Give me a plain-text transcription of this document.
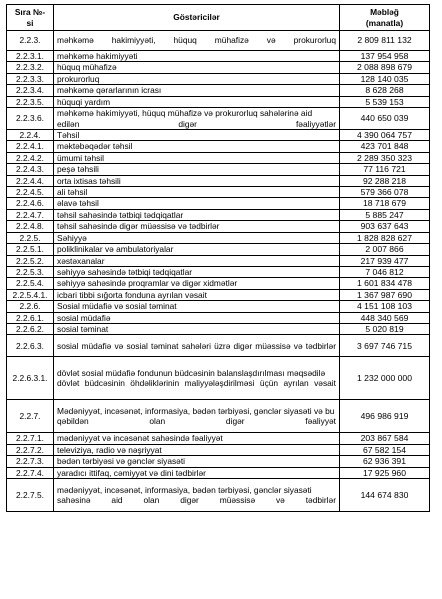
Sıra №-si	Göstəricilər	Məbləğ (manatla)
2.2.3.	məhkəmə hakimiyyəti, hüquq mühafizə və prokurorluq	2 809 811 132
2.2.3.1.	məhkəmə hakimiyyəti	137 954 958
2.2.3.2.	hüquq mühafizə	2 088 898 679
2.2.3.3.	prokurorluq	128 140 035
2.2.3.4.	məhkəmə qərarlarının icrası	8 628 268
2.2.3.5.	hüquqi yardım	5 539 153
2.2.3.6.	məhkəmə hakimiyyəti, hüquq mühafizə və prokurorluq sahələrinə aid edilən digər fəaliyyətlər	440 650 039
2.2.4.	Təhsil	4 390 064 757
2.2.4.1.	məktəbəqədər təhsil	423 701 848
2.2.4.2.	ümumi təhsil	2 289 350 323
2.2.4.3.	peşə təhsili	77 116 721
2.2.4.4.	orta ixtisas təhsili	92 288 218
2.2.4.5.	ali təhsil	579 366 078
2.2.4.6.	əlavə təhsil	18 718 679
2.2.4.7.	təhsil sahəsində tətbiqi tədqiqatlar	5 885 247
2.2.4.8.	təhsil sahəsində digər müəssisə və tədbirlər	903 637 643
2.2.5.	Səhiyyə	1 828 828 627
2.2.5.1.	poliklinikalar və ambulatoriyalar	2 007 866
2.2.5.2.	xəstəxanalar	217 939 477
2.2.5.3.	səhiyyə sahəsində tətbiqi tədqiqatlar	7 046 812
2.2.5.4.	səhiyyə sahəsində proqramlar və digər xidmətlər	1 601 834 478
2.2.5.4.1.	icbari tibbi sığorta fonduna ayrılan vəsait	1 367 987 690
2.2.6.	Sosial müdafiə və sosial təminat	4 151 108 103
2.2.6.1.	sosial müdafiə	448 340 569
2.2.6.2.	sosial təminat	5 020 819
2.2.6.3.	sosial müdafiə və sosial təminat sahələri üzrə digər müəssisə və tədbirlər	3 697 746 715
2.2.6.3.1.	dövlət sosial müdafiə fondunun büdcəsinin balanslaşdırılması məqsədilə dövlət büdcəsinin öhdəliklərinin maliyyələşdirilməsi üçün ayrılan vəsait	1 232 000 000
2.2.7.	Mədəniyyət, incəsənət, informasiya, bədən tərbiyəsi, gənclər siyasəti və bu qəbildən olan digər fəaliyyət	496 986 919
2.2.7.1.	mədəniyyət və incəsənət sahəsində fəaliyyət	203 867 584
2.2.7.2.	televiziya, radio və nəşriyyat	67 582 154
2.2.7.3.	bədən tərbiyəsi və gənclər siyasəti	62 936 391
2.2.7.4.	yaradıcı ittifaq, cəmiyyət və dini tədbirlər	17 925 960
2.2.7.5.	mədəniyyət, incəsənət, informasiya, bədən tərbiyəsi, gənclər siyasəti sahəsinə aid olan digər müəssisə və tədbirlər	144 674 830
